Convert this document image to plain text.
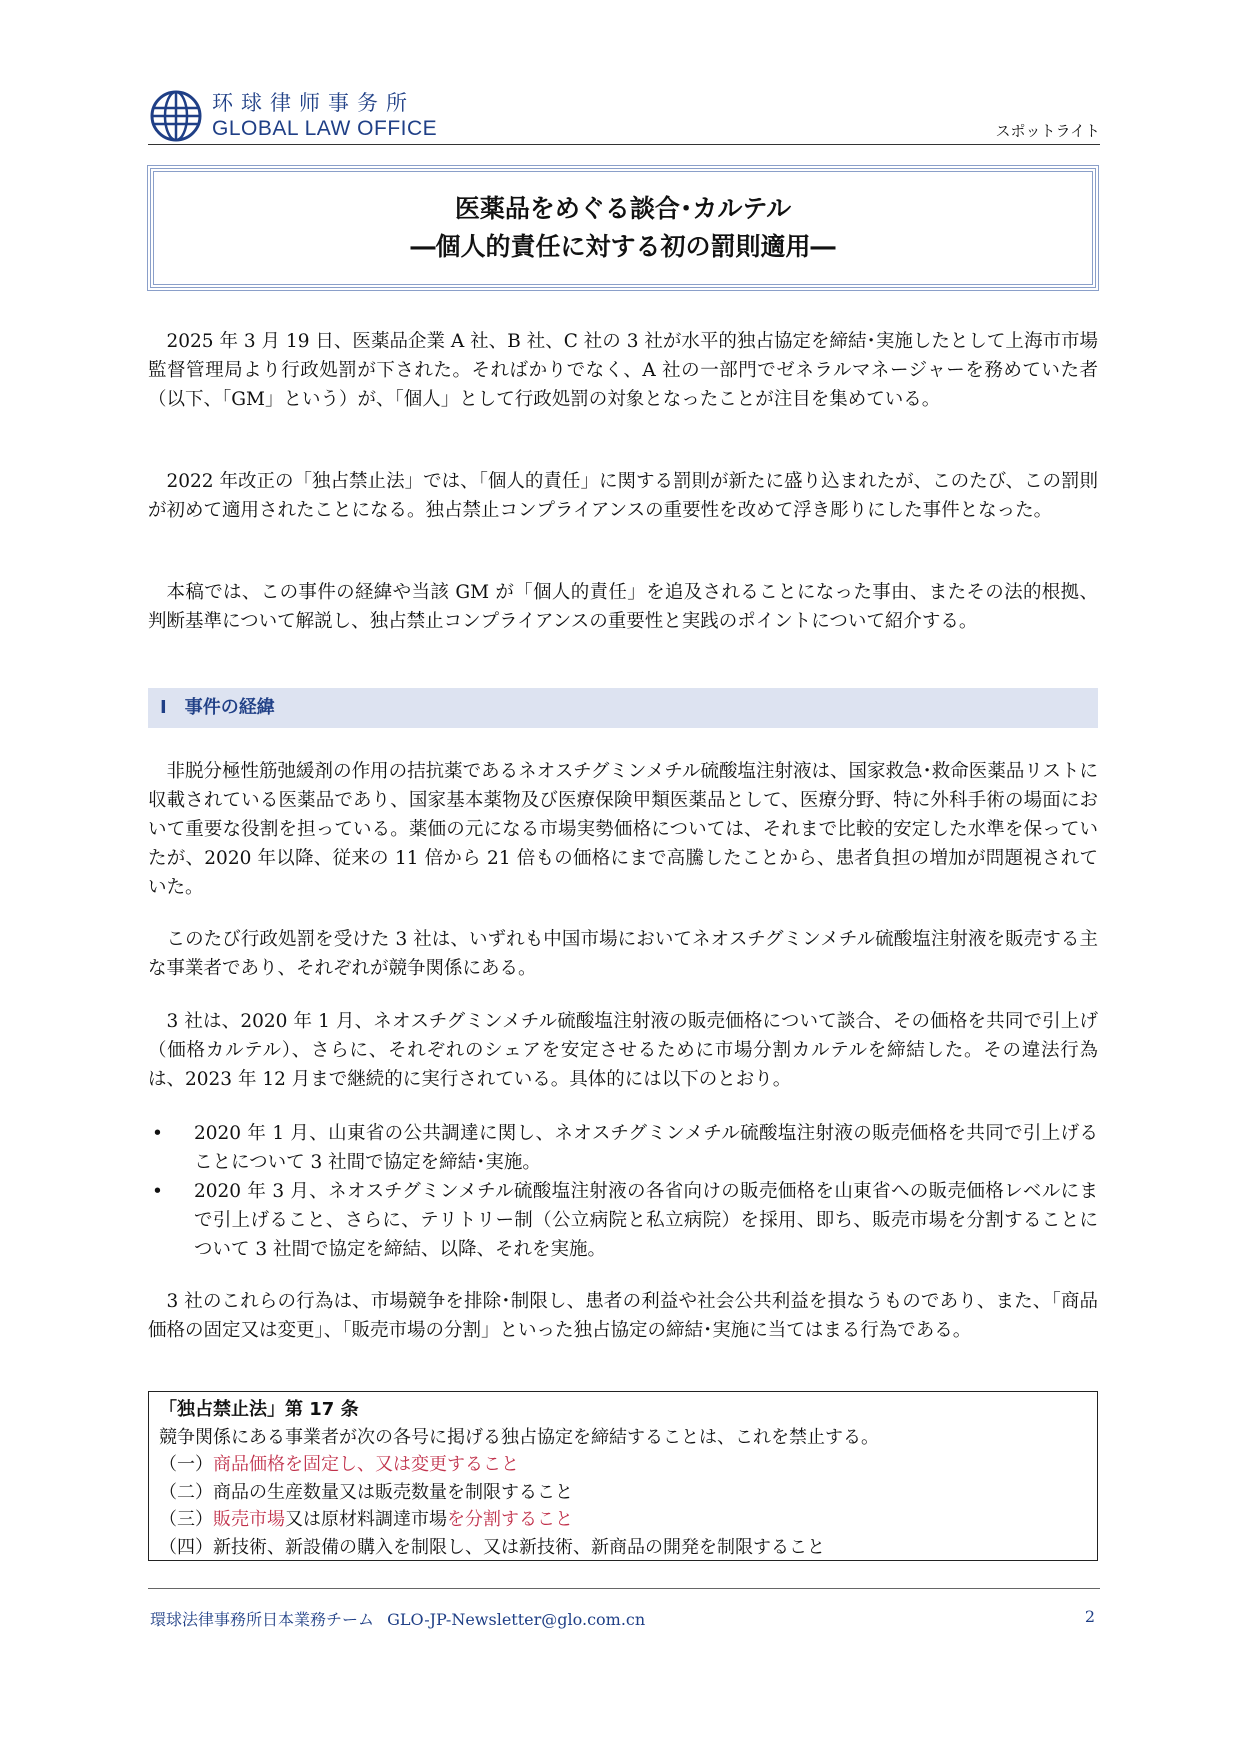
环球律师事务所
GLOBAL LAW OFFICE	スポットライト
医薬品をめぐる談合･カルテル
―個人的責任に対する初の罰則適用―

2025 年 3 月 19 日、医薬品企業 A 社、B 社、C 社の 3 社が水平的独占協定を締結･実施したとして上海市市場監督管理局より行政処罰が下された。そればかりでなく、A 社の一部門でゼネラルマネージャーを務めていた者（以下、「GM」という）が、「個人」として行政処罰の対象となったことが注目を集めている。

2022 年改正の「独占禁止法」では、「個人的責任」に関する罰則が新たに盛り込まれたが、このたび、この罰則が初めて適用されたことになる。独占禁止コンプライアンスの重要性を改めて浮き彫りにした事件となった。

本稿では、この事件の経緯や当該 GM が「個人的責任」を追及されることになった事由、またその法的根拠、判断基準について解説し、独占禁止コンプライアンスの重要性と実践のポイントについて紹介する。

I　事件の経緯

非脱分極性筋弛緩剤の作用の拮抗薬であるネオスチグミンメチル硫酸塩注射液は、国家救急･救命医薬品リストに収載されている医薬品であり、国家基本薬物及び医療保険甲類医薬品として、医療分野、特に外科手術の場面において重要な役割を担っている。薬価の元になる市場実勢価格については、それまで比較的安定した水準を保っていたが、2020 年以降、従来の 11 倍から 21 倍もの価格にまで高騰したことから、患者負担の増加が問題視されていた。

このたび行政処罰を受けた 3 社は、いずれも中国市場においてネオスチグミンメチル硫酸塩注射液を販売する主な事業者であり、それぞれが競争関係にある。

3 社は、2020 年 1 月、ネオスチグミンメチル硫酸塩注射液の販売価格について談合、その価格を共同で引上げ（価格カルテル）、さらに、それぞれのシェアを安定させるために市場分割カルテルを締結した。その違法行為は、2023 年 12 月まで継続的に実行されている。具体的には以下のとおり。

• 2020 年 1 月、山東省の公共調達に関し、ネオスチグミンメチル硫酸塩注射液の販売価格を共同で引上げることについて 3 社間で協定を締結･実施。
• 2020 年 3 月、ネオスチグミンメチル硫酸塩注射液の各省向けの販売価格を山東省への販売価格レベルにまで引上げること、さらに、テリトリー制（公立病院と私立病院）を採用、即ち、販売市場を分割することについて 3 社間で協定を締結、以降、それを実施。

3 社のこれらの行為は、市場競争を排除･制限し、患者の利益や社会公共利益を損なうものであり、また、「商品価格の固定又は変更」、「販売市場の分割」といった独占協定の締結･実施に当てはまる行為である。

「独占禁止法」第 17 条
競争関係にある事業者が次の各号に掲げる独占協定を締結することは、これを禁止する。
（一）商品価格を固定し、又は変更すること
（二）商品の生産数量又は販売数量を制限すること
（三）販売市場又は原材料調達市場を分割すること
（四）新技術、新設備の購入を制限し、又は新技術、新商品の開発を制限すること
環球法律事務所日本業務チーム GLO-JP-Newsletter@glo.com.cn	2
